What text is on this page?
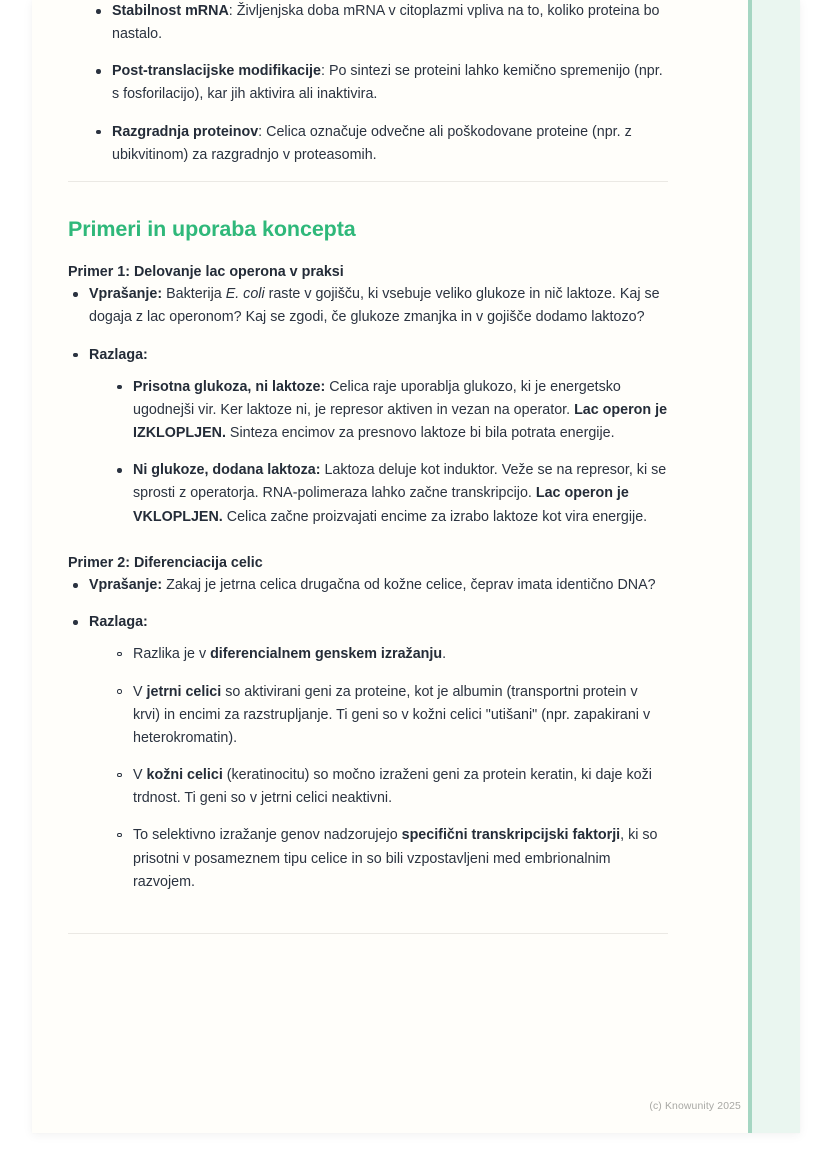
Stabilnost mRNA: Življenjska doba mRNA v citoplazmi vpliva na to, koliko proteina bo nastalo.
Post-translacijske modifikacije: Po sintezi se proteini lahko kemično spremenijo (npr. s fosforilacijo), kar jih aktivira ali inaktivira.
Razgradnja proteinov: Celica označuje odvečne ali poškodovane proteine (npr. z ubikvitinom) za razgradnjo v proteasomih.
Primeri in uporaba koncepta
Primer 1: Delovanje lac operona v praksi
Vprašanje: Bakterija E. coli raste v gojišču, ki vsebuje veliko glukoze in nič laktoze. Kaj se dogaja z lac operonom? Kaj se zgodi, če glukoze zmanjka in v gojišče dodamo laktozo?
Razlaga:
Prisotna glukoza, ni laktoze: Celica raje uporablja glukozo, ki je energetsko ugodnejši vir. Ker laktoze ni, je represor aktiven in vezan na operator. Lac operon je IZKLOPLJEN. Sinteza encimov za presnovo laktoze bi bila potrata energije.
Ni glukoze, dodana laktoza: Laktoza deluje kot induktor. Veže se na represor, ki se sprosti z operatorja. RNA-polimeraza lahko začne transkripcijo. Lac operon je VKLOPLJEN. Celica začne proizvajati encime za izrabo laktoze kot vira energije.
Primer 2: Diferenciacija celic
Vprašanje: Zakaj je jetrna celica drugačna od kožne celice, čeprav imata identično DNA?
Razlaga:
Razlika je v diferencialnem genskem izražanju.
V jetrni celici so aktivirani geni za proteine, kot je albumin (transportni protein v krvi) in encimi za razstrupljanje. Ti geni so v kožni celici "utišani" (npr. zapakirani v heterokromatin).
V kožni celici (keratinocitu) so močno izraženi geni za protein keratin, ki daje koži trdnost. Ti geni so v jetrni celici neaktivni.
To selektivno izražanje genov nadzorujejo specifični transkripcijski faktorji, ki so prisotni v posameznem tipu celice in so bili vzpostavljeni med embrionalnim razvojem.
(c) Knowunity 2025
